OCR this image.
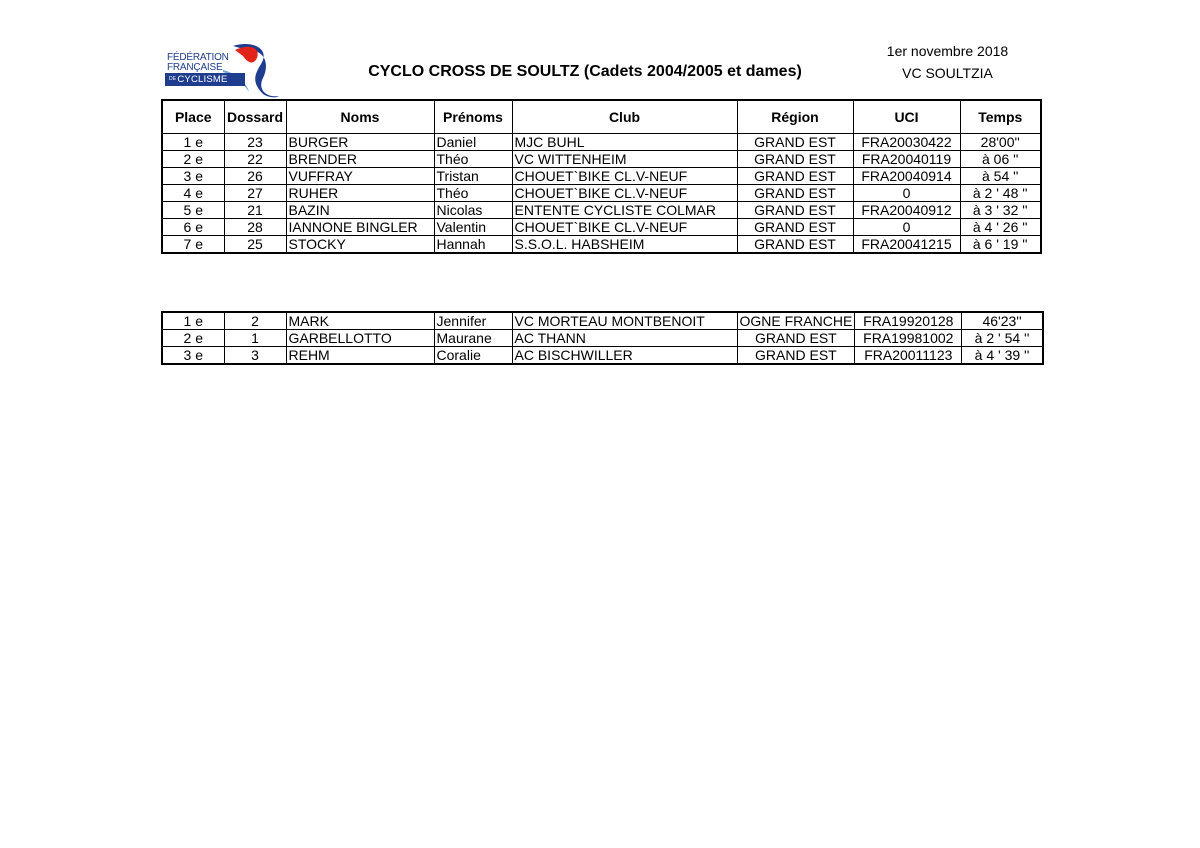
FÉDÉRATION
FRANÇAISE
$^{DE}$CYCLISME	CYCLO CROSS DE SOULTZ (Cadets 2004/2005 et dames)
1er novembre 2018
VC SOULTZIA
Place	Dossard	Noms	Prénoms	Club	Région	UCI	Temps
1 e	23	BURGER	Daniel	MJC BUHL	GRAND EST	FRA20030422	28'00''
2 e	22	BRENDER	Théo	VC WITTENHEIM	GRAND EST	FRA20040119	à 06 ''
3 e	26	VUFFRAY	Tristan	CHOUET`BIKE CL.V-NEUF	GRAND EST	FRA20040914	à 54 ''
4 e	27	RUHER	Théo	CHOUET`BIKE CL.V-NEUF	GRAND EST	0	à 2 ' 48 ''
5 e	21	BAZIN	Nicolas	ENTENTE CYCLISTE COLMAR	GRAND EST	FRA20040912	à 3 ' 32 ''
6 e	28	IANNONE BINGLER	Valentin	CHOUET`BIKE CL.V-NEUF	GRAND EST	0	à 4 ' 26 ''
7 e	25	STOCKY	Hannah	S.S.O.L. HABSHEIM	GRAND EST	FRA20041215	à 6 ' 19 ''
1 e	2	MARK	Jennifer	VC MORTEAU MONTBENOIT	OGNE FRANCHE	FRA19920128	46'23''
2 e	1	GARBELLOTTO	Maurane	AC THANN	GRAND EST	FRA19981002	à 2 ' 54 ''
3 e	3	REHM	Coralie	AC BISCHWILLER	GRAND EST	FRA20011123	à 4 ' 39 ''
